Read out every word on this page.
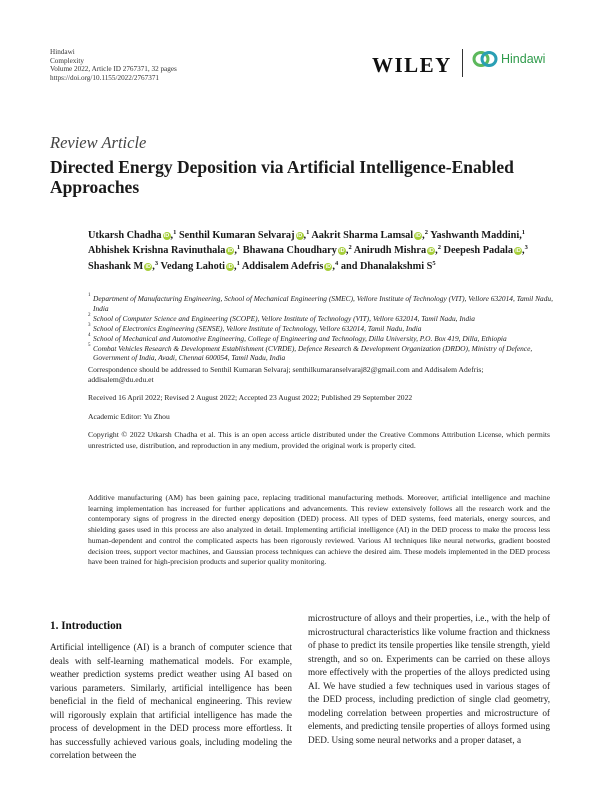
Hindawi
Complexity
Volume 2022, Article ID 2767371, 32 pages
https://doi.org/10.1155/2022/2767371
WILEY	Hindawi
Review Article
Directed Energy Deposition via Artificial Intelligence-Enabled Approaches
Utkarsh Chadha iD,$^1$ Senthil Kumaran Selvaraj iD,$^1$ Aakrit Sharma Lamsal iD,$^2$ Yashwanth Maddini,$^1$ Abhishek Krishna Ravinuthala iD,$^1$ Bhawana Choudhary iD,$^2$ Anirudh Mishra iD,$^2$ Deepesh Padala iD,$^3$ Shashank M iD,$^3$ Vedang Lahoti iD,$^1$ Addisalem Adefris iD,$^4$ and Dhanalakshmi $S^5$
1 Department of Manufacturing Engineering, School of Mechanical Engineering (SMEC), Vellore Institute of Technology (VIT), Vellore 632014, Tamil Nadu, India
2 School of Computer Science and Engineering (SCOPE), Vellore Institute of Technology (VIT), Vellore 632014, Tamil Nadu, India
3 School of Electronics Engineering (SENSE), Vellore Institute of Technology, Vellore 632014, Tamil Nadu, India
4 School of Mechanical and Automotive Engineering, College of Engineering and Technology, Dilla University, P.O. Box 419, Dilla, Ethiopia
5 Combat Vehicles Research & Development Establishment (CVRDE), Defence Research & Development Organization (DRDO), Ministry of Defence, Government of India, Avadi, Chennai 600054, Tamil Nadu, India

Correspondence should be addressed to Senthil Kumaran Selvaraj; senthilkumaranselvaraj82@gmail.com and Addisalem Adefris; addisalem@du.edu.et

Received 16 April 2022; Revised 2 August 2022; Accepted 23 August 2022; Published 29 September 2022

Academic Editor: Yu Zhou

Copyright © 2022 Utkarsh Chadha et al. This is an open access article distributed under the Creative Commons Attribution License, which permits unrestricted use, distribution, and reproduction in any medium, provided the original work is properly cited.

Additive manufacturing (AM) has been gaining pace, replacing traditional manufacturing methods. Moreover, artificial intelligence and machine learning implementation has increased for further applications and advancements. This review extensively follows all the research work and the contemporary signs of progress in the directed energy deposition (DED) process. All types of DED systems, feed materials, energy sources, and shielding gases used in this process are also analyzed in detail. Implementing artificial intelligence (AI) in the DED process to make the process less human-dependent and control the complicated aspects has been rigorously reviewed. Various AI techniques like neural networks, gradient boosted decision trees, support vector machines, and Gaussian process techniques can achieve the desired aim. These models implemented in the DED process have been trained for high-precision products and superior quality monitoring.

1. Introduction

Artificial intelligence (AI) is a branch of computer science that deals with self-learning mathematical models. For example, weather prediction systems predict weather using AI based on various parameters. Similarly, artificial intelligence has been beneficial in the field of mechanical engineering. This review will rigorously explain that artificial intelligence has made the process of development in the DED process more effortless. It has successfully achieved various goals, including modeling the correlation between the

microstructure of alloys and their properties, i.e., with the help of microstructural characteristics like volume fraction and thickness of phase to predict its tensile properties like tensile strength, yield strength, and so on. Experiments can be carried on these alloys more effectively with the properties of the alloys predicted using AI. We have studied a few techniques used in various stages of the DED process, including prediction of single clad geometry, modeling correlation between properties and microstructure of elements, and predicting tensile properties of alloys formed using DED. Using some neural networks and a proper dataset, a
